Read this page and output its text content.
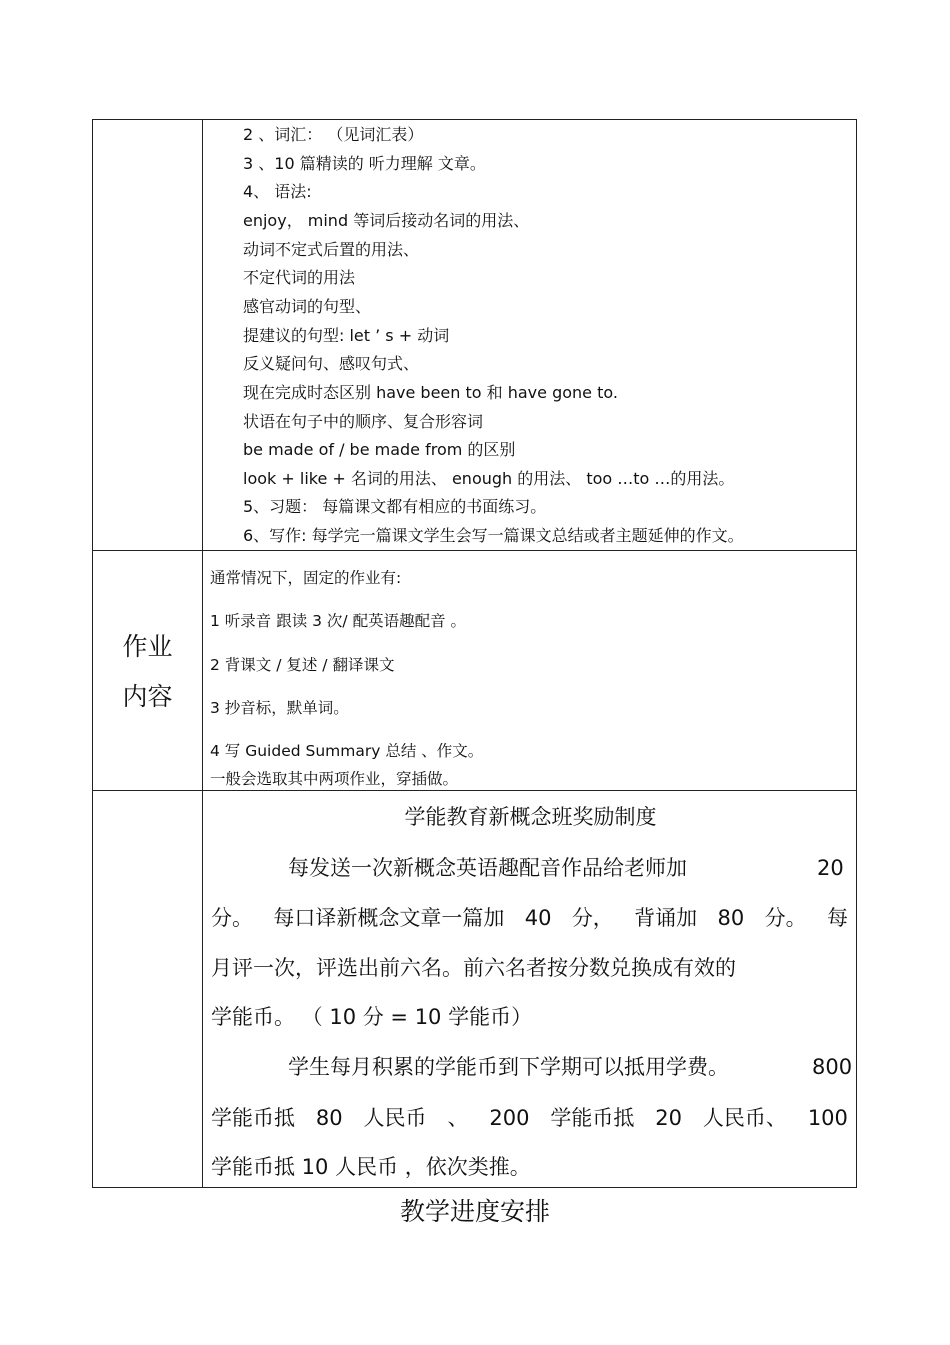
2 、词汇： （见词汇表）
3 、10 篇精读的 听力理解 文章。
4、 语法:
enjoy， mind 等词后接动名词的用法、
动词不定式后置的用法、
不定代词的用法
感官动词的句型、
提建议的句型: let ’ s + 动词
反义疑问句、感叹句式、
现在完成时态区别 have been to 和 have gone to.
状语在句子中的顺序、复合形容词
be made of / be made from 的区别
look + like + 名词的用法、 enough 的用法、 too …to …的用法。
5、习题： 每篇课文都有相应的书面练习。
6、写作: 每学完一篇课文学生会写一篇课文总结或者主题延伸的作文。
作业
内容
通常情况下，固定的作业有:
1 听录音 跟读 3 次/ 配英语趣配音 。
2 背课文 / 复述 / 翻译课文
3 抄音标，默单词。
4 写 Guided Summary 总结 、作文。
一般会选取其中两项作业，穿插做。
学能教育新概念班奖励制度
每发送一次新概念英语趣配音作品给老师加	20
分。 每口译新概念文章一篇加 40 分， 背诵加 80 分。 每
月评一次，评选出前六名。前六名者按分数兑换成有效的
学能币。 （ 10 分 = 10 学能币）
学生每月积累的学能币到下学期可以抵用学费。	800
学能币抵 80 人民币 、 200 学能币抵 20 人民币、 100
学能币抵 10 人民币 ，依次类推。
教学进度安排
